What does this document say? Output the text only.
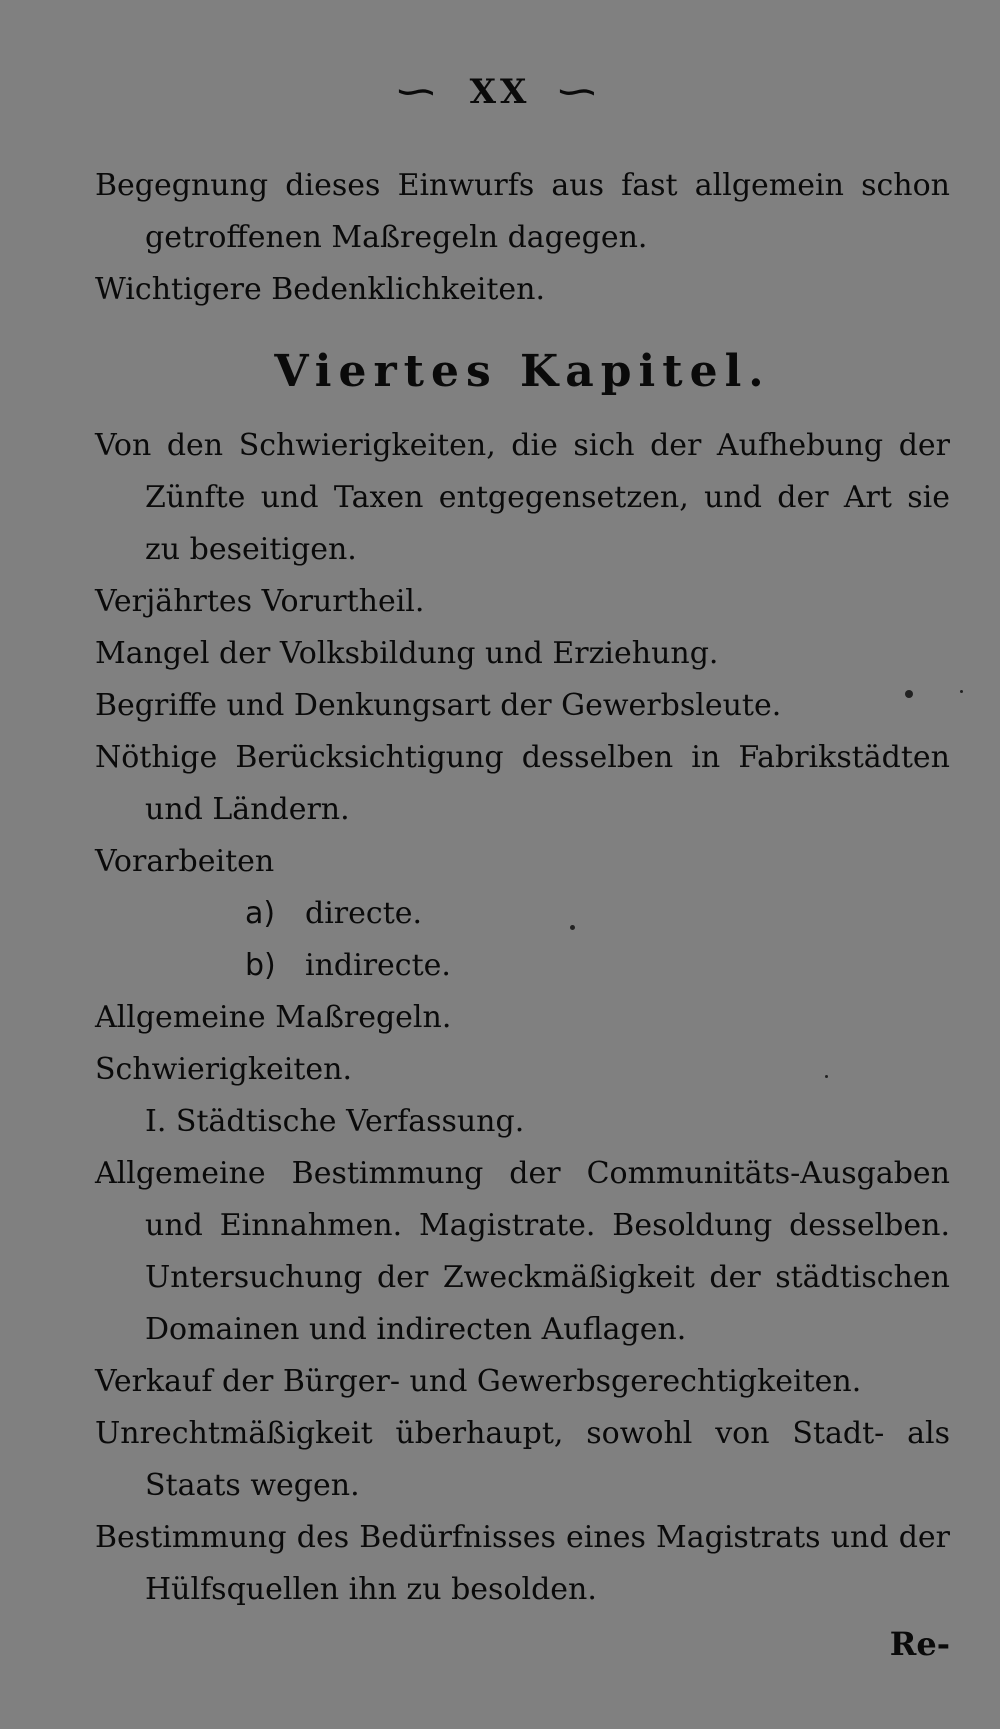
∽ XX ∽
Begegnung dieses Einwurfs aus fast allgemein schon getroffenen Maßregeln dagegen.
Wichtigere Bedenklichkeiten.
Viertes Kapitel.
Von den Schwierigkeiten, die sich der Aufhebung der Zünfte und Taxen entgegensetzen, und der Art sie zu beseitigen.
Verjährtes Vorurtheil.
Mangel der Volksbildung und Erziehung.
Begriffe und Denkungsart der Gewerbsleute.
Nöthige Berücksichtigung desselben in Fabrikstädten und Ländern.
Vorarbeiten
a) directe.
b) indirecte.
Allgemeine Maßregeln.
Schwierigkeiten.
I. Städtische Verfassung.
Allgemeine Bestimmung der Communitäts-Ausgaben und Einnahmen. Magistrate. Besoldung desselben. Untersuchung der Zweckmäßigkeit der städtischen Domainen und indirecten Auflagen.
Verkauf der Bürger- und Gewerbsgerechtigkeiten.
Unrechtmäßigkeit überhaupt, sowohl von Stadt- als Staats wegen.
Bestimmung des Bedürfnisses eines Magistrats und der Hülfsquellen ihn zu besolden.
Re-
